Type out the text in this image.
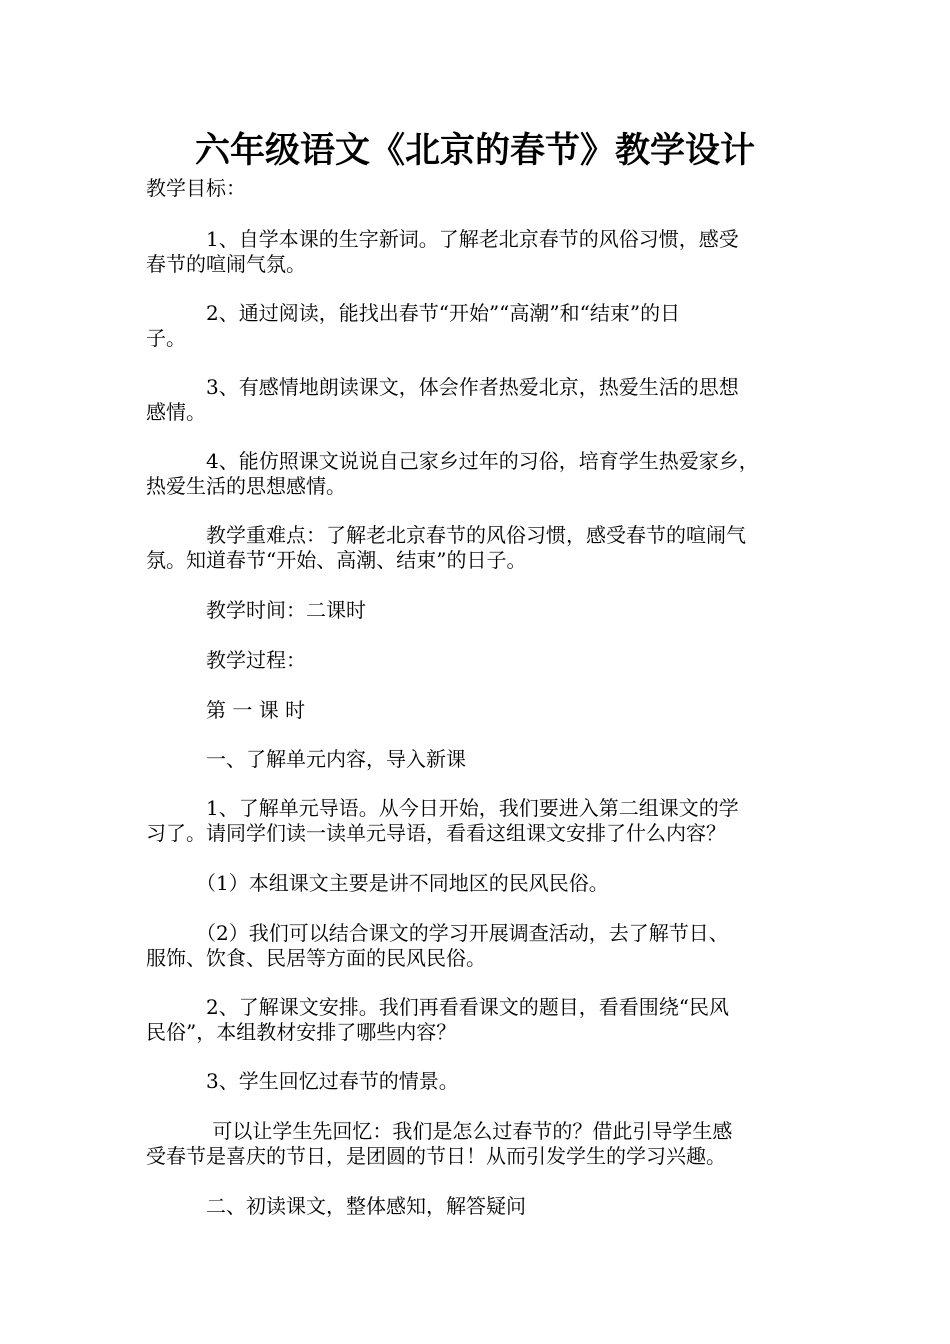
六年级语文《北京的春节》教学设计
教学目标：
　　　1、自学本课的生字新词。了解老北京春节的风俗习惯，感受
春节的喧闹气氛。
　　　2、通过阅读，能找出春节“开始”“高潮”和“结束”的日
子。
　　　3、有感情地朗读课文，体会作者热爱北京，热爱生活的思想
感情。
　　　4、能仿照课文说说自己家乡过年的习俗，培育学生热爱家乡，
热爱生活的思想感情。
　　　教学重难点：了解老北京春节的风俗习惯，感受春节的喧闹气
氛。知道春节“开始、高潮、结束”的日子。
　　　教学时间：二课时
　　　教学过程：
　　　第 一 课 时
　　　一、了解单元内容，导入新课
　　　1、了解单元导语。从今日开始，我们要进入第二组课文的学
习了。请同学们读一读单元导语，看看这组课文安排了什么内容？
　　　（1）本组课文主要是讲不同地区的民风民俗。
　　　（2）我们可以结合课文的学习开展调查活动，去了解节日、
服饰、饮食、民居等方面的民风民俗。
　　　2、了解课文安排。我们再看看课文的题目，看看围绕“民风
民俗”，本组教材安排了哪些内容？
　　　3、学生回忆过春节的情景。
　　　 可以让学生先回忆：我们是怎么过春节的？借此引导学生感
受春节是喜庆的节日，是团圆的节日！从而引发学生的学习兴趣。
　　　二、初读课文，整体感知，解答疑问
